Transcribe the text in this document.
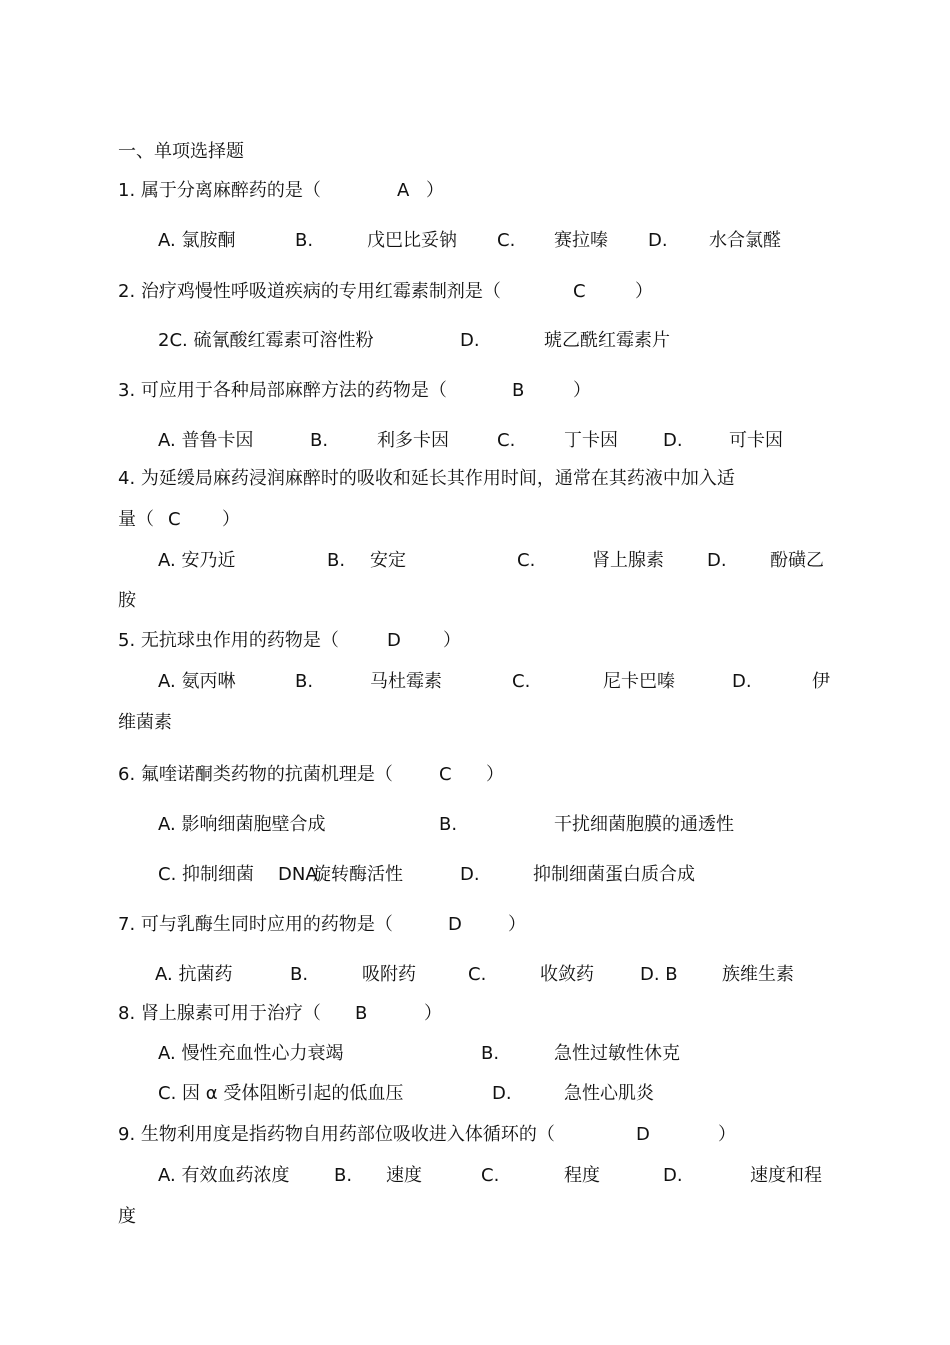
一、单项选择题
1. 属于分离麻醉药的是（	A ）
A. 氯胺酮	B.	戊巴比妥钠 C. 赛拉嗪 D. 水合氯醛
2. 治疗鸡慢性呼吸道疾病的专用红霉素制剂是（	C	）
2C. 硫氰酸红霉素可溶性粉	D.	琥乙酰红霉素片
3. 可应用于各种局部麻醉方法的药物是（	B	）
A. 普鲁卡因	B.	利多卡因	C.	丁卡因	D.	可卡因
4. 为延缓局麻药浸润麻醉时的吸收和延长其作用时间，通常在其药液中加入适
量（ C ）
A. 安乃近	B. 安定	C.	肾上腺素 D. 酚磺乙
胺
5. 无抗球虫作用的药物是（	D ）
A. 氨丙啉	B.	马杜霉素	C.	尼卡巴嗪	D.	伊
维菌素
6. 氟喹诺酮类药物的抗菌机理是（	C ）
A. 影响细菌胞壁合成	B.	干扰细菌胞膜的通透性
C. 抑制细菌 DNA
旋转酶活性	D.	抑制细菌蛋白质合成
7. 可与乳酶生同时应用的药物是（	D	）
A. 抗菌药	B.	吸附药	C.	收敛药	D. B 族维生素
8. 肾上腺素可用于治疗（ B	）
A. 慢性充血性心力衰竭	B.	急性过敏性休克
C. 因 α 受体阻断引起的低血压	D.	急性心肌炎
9. 生物利用度是指药物自用药部位吸收进入体循环的（	D	）
A. 有效血药浓度 B. 速度	C.	程度	D.	速度和程
度
